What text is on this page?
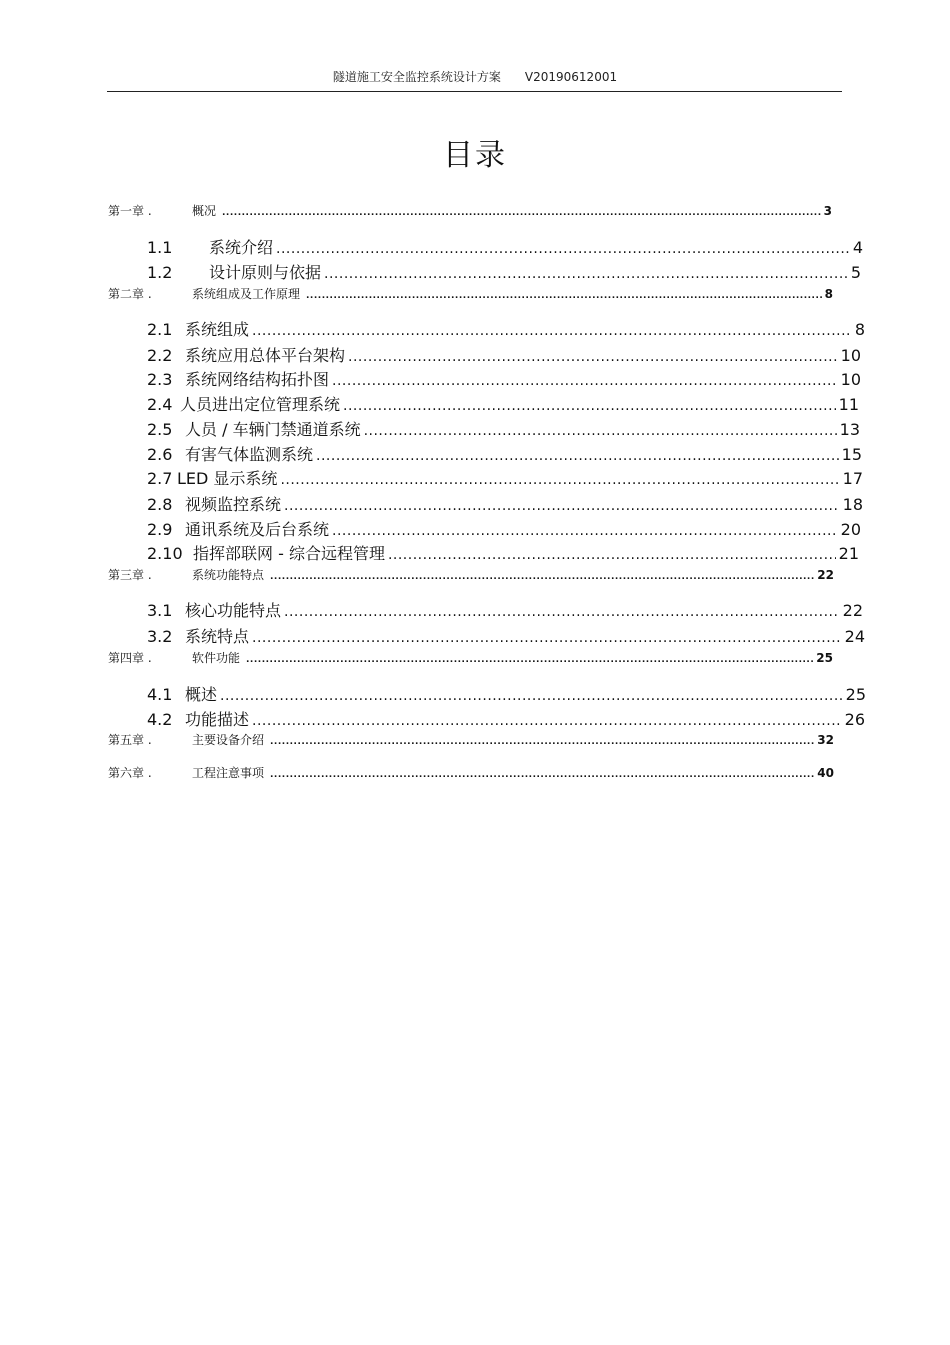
隧道施工安全监控系统设计方案 V20190612001
目录
第一章 .	概况 .....	3
1.1	系统介绍 .....	4
1.2	设计原则与依据 .....	5
第二章 .	系统组成及工作原理 .....	8
2.1 系统组成 .....	8
2.2 系统应用总体平台架构 .....	10
2.3 系统网络结构拓扑图 .....	10
2.4 人员进出定位管理系统 .....	11
2.5 人员 / 车辆门禁通道系统 .....	13
2.6 有害气体监测系统 .....	15
2.7 LED 显示系统 .....	17
2.8 视频监控系统 .....	18
2.9 通讯系统及后台系统 .....	20
2.10 指挥部联网 - 综合远程管理 .....	21
第三章 .	系统功能特点 .....	22
3.1 核心功能特点 .....	22
3.2 系统特点 .....	24
第四章 .	软件功能 .....	25
4.1 概述 .....	25
4.2 功能描述 .....	26
第五章 .	主要设备介绍 .....	32
第六章 .	工程注意事项 .....	40
